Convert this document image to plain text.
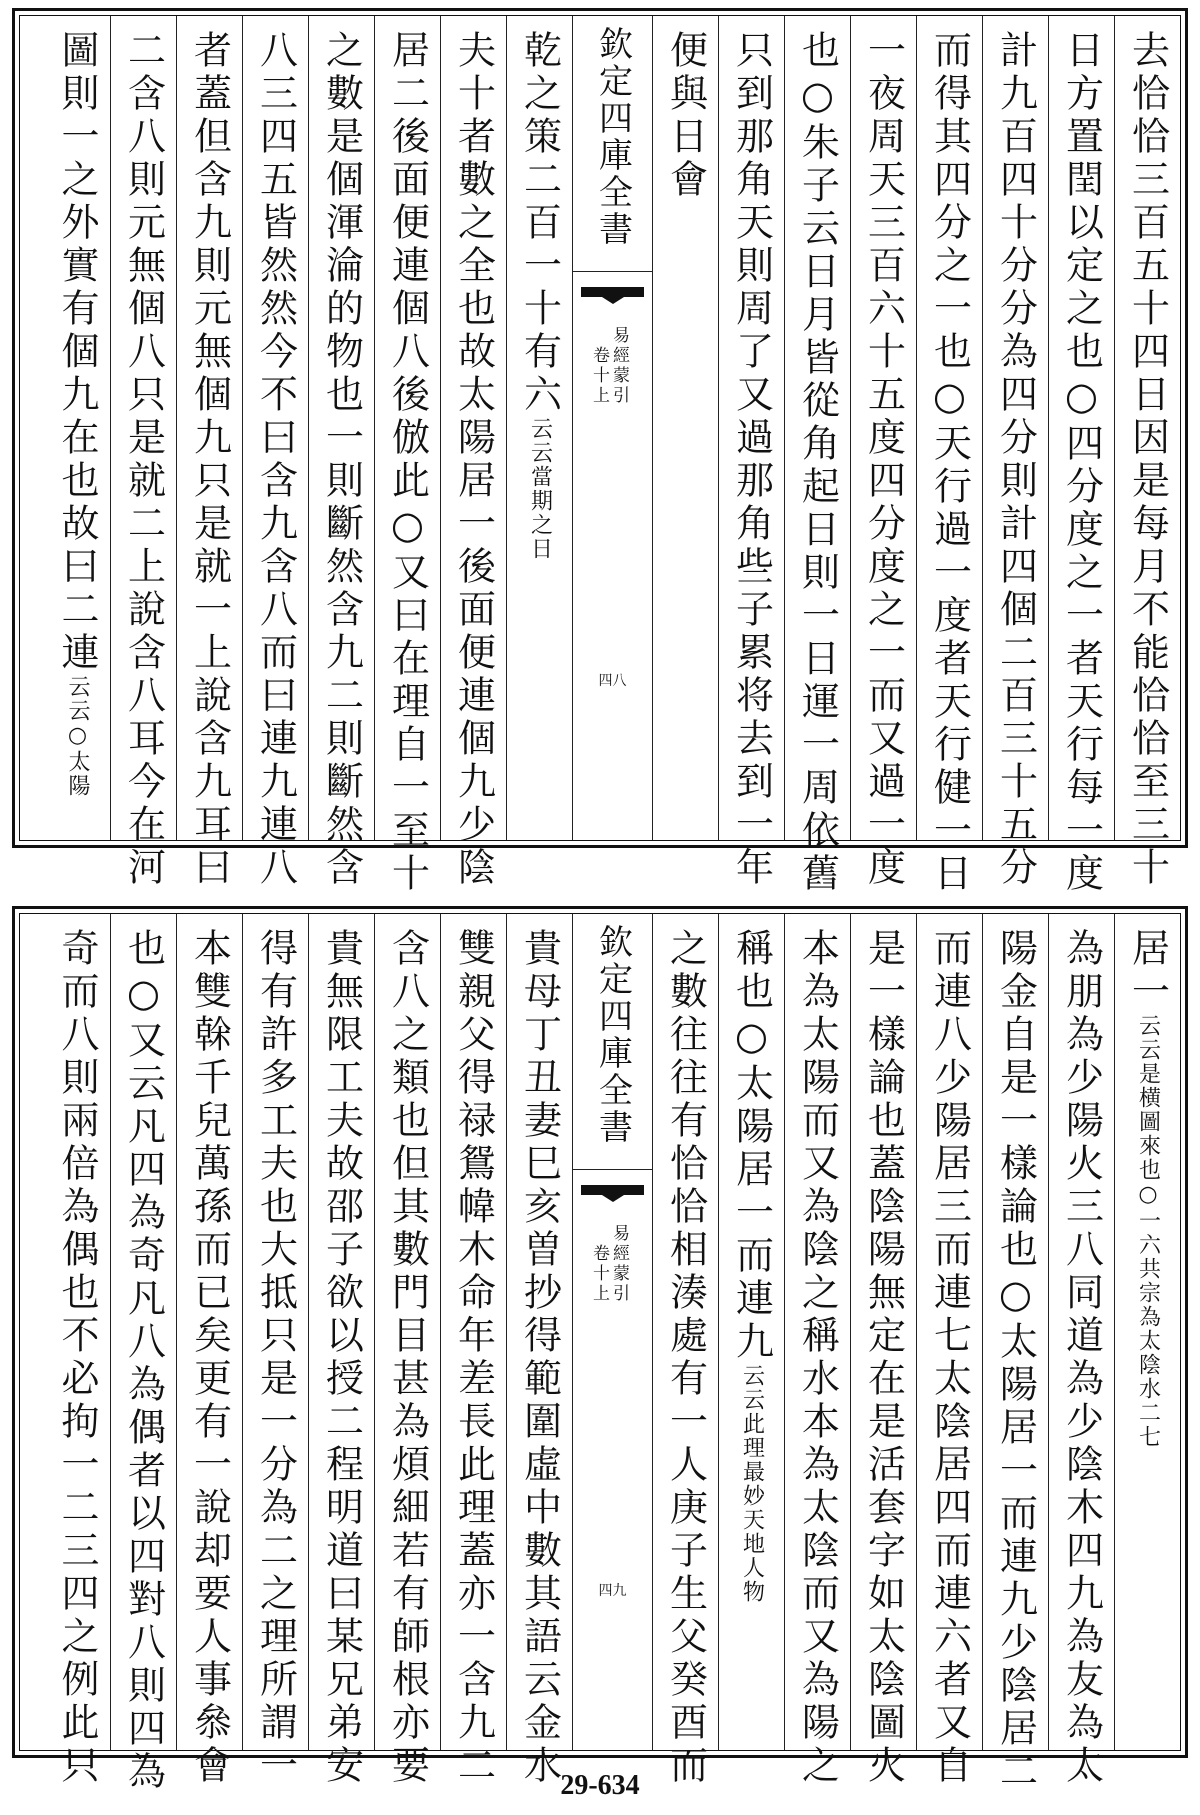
去恰恰三百五十四日因是每月不能恰恰至三十
日方置閏以定之也○四分度之一者天行每一度
計九百四十分分為四分則計四個二百三十五分
而得其四分之一也○天行過一度者天行健一日
一夜周天三百六十五度四分度之一而又過一度
也○朱子云日月皆從角起日則一日運一周依舊
只到那角天則周了又過那角些子累将去到一年
便與日會
欽定四庫全書
易經蒙引
卷十上
四八
乾之策二百一十有六云云當期之日
夫十者數之全也故太陽居一後面便連個九少陰
居二後面便連個八後倣此○又曰在理自一至十
之數是個渾淪的物也一則斷然含九二則斷然含
八三四五皆然然今不曰含九含八而曰連九連八
者蓋但含九則元無個九只是就一上說含九耳曰
二含八則元無個八只是就二上說含八耳今在河
圖則一之外實有個九在也故曰二連云云○太陽
居一云云是横圖來也○一六共宗為太陰水二七
為朋為少陽火三八同道為少陰木四九為友為太
陽金自是一樣論也○太陽居一而連九少陰居二
而連八少陽居三而連七太陰居四而連六者又自
是一樣論也蓋陰陽無定在是活套字如太陰圖火
本為太陽而又為陰之稱水本為太陰而又為陽之
稱也○太陽居一而連九云云此理最妙天地人物
之數往往有恰恰相湊處有一人庚子生父癸酉而
欽定四庫全書
易經蒙引
卷十上
四九
貴母丁丑妻巳亥曽抄得範圍虛中數其語云金水
雙親父得禄鴛幃木命年差長此理蓋亦一含九二
含八之類也但其數門目甚為煩細若有師根亦要
貴無限工夫故邵子欲以授二程明道曰某兄弟安
得有許多工夫也大抵只是一分為二之理所謂一
本雙榦千兒萬孫而已矣更有一說却要人事叅會
也○又云凡四為奇凡八為偶者以四對八則四為
奇而八則兩倍為偶也不必拘一二三四之例此只	29-634
